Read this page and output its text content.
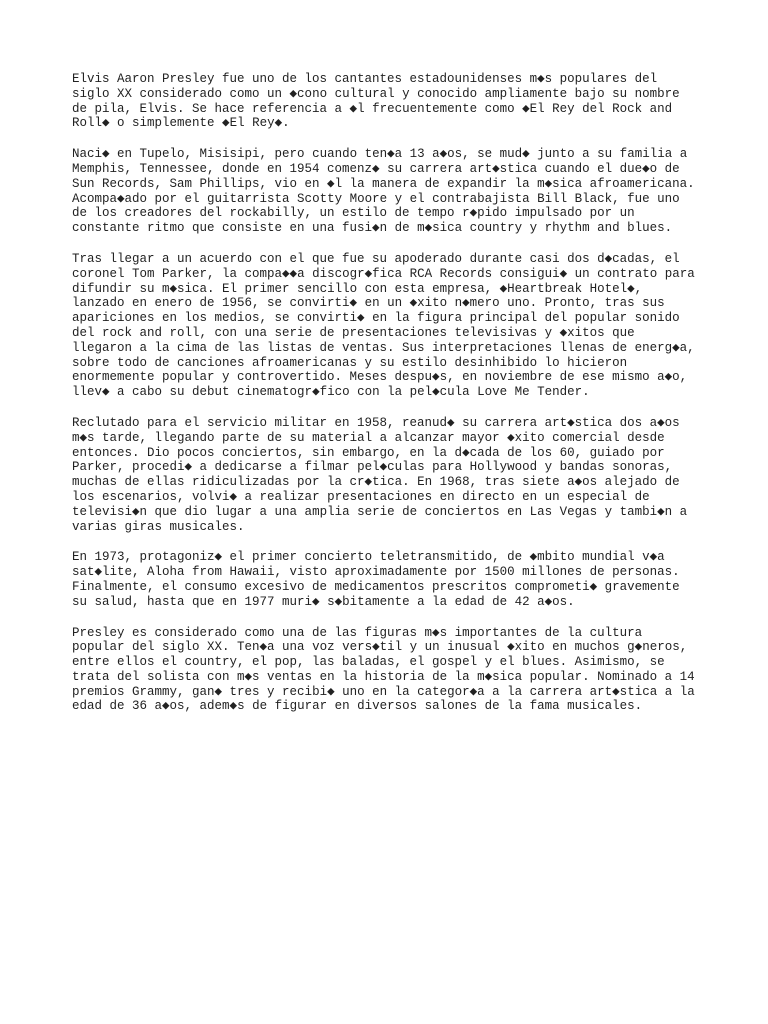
Elvis Aaron Presley fue uno de los cantantes estadounidenses m◆s populares del
siglo XX considerado como un ◆cono cultural y conocido ampliamente bajo su nombre
de pila, Elvis. Se hace referencia a ◆l frecuentemente como ◆El Rey del Rock and
Roll◆ o simplemente ◆El Rey◆.

Naci◆ en Tupelo, Misisipi, pero cuando ten◆a 13 a◆os, se mud◆ junto a su familia a
Memphis, Tennessee, donde en 1954 comenz◆ su carrera art◆stica cuando el due◆o de
Sun Records, Sam Phillips, vio en ◆l la manera de expandir la m◆sica afroamericana.
Acompa◆ado por el guitarrista Scotty Moore y el contrabajista Bill Black, fue uno
de los creadores del rockabilly, un estilo de tempo r◆pido impulsado por un
constante ritmo que consiste en una fusi◆n de m◆sica country y rhythm and blues.

Tras llegar a un acuerdo con el que fue su apoderado durante casi dos d◆cadas, el
coronel Tom Parker, la compa◆◆a discogr◆fica RCA Records consigui◆ un contrato para
difundir su m◆sica. El primer sencillo con esta empresa, ◆Heartbreak Hotel◆,
lanzado en enero de 1956, se convirti◆ en un ◆xito n◆mero uno. Pronto, tras sus
apariciones en los medios, se convirti◆ en la figura principal del popular sonido
del rock and roll, con una serie de presentaciones televisivas y ◆xitos que
llegaron a la cima de las listas de ventas. Sus interpretaciones llenas de energ◆a,
sobre todo de canciones afroamericanas y su estilo desinhibido lo hicieron
enormemente popular y controvertido. Meses despu◆s, en noviembre de ese mismo a◆o,
llev◆ a cabo su debut cinematogr◆fico con la pel◆cula Love Me Tender.

Reclutado para el servicio militar en 1958, reanud◆ su carrera art◆stica dos a◆os
m◆s tarde, llegando parte de su material a alcanzar mayor ◆xito comercial desde
entonces. Dio pocos conciertos, sin embargo, en la d◆cada de los 60, guiado por
Parker, procedi◆ a dedicarse a filmar pel◆culas para Hollywood y bandas sonoras,
muchas de ellas ridiculizadas por la cr◆tica. En 1968, tras siete a◆os alejado de
los escenarios, volvi◆ a realizar presentaciones en directo en un especial de
televisi◆n que dio lugar a una amplia serie de conciertos en Las Vegas y tambi◆n a
varias giras musicales.

En 1973, protagoniz◆ el primer concierto teletransmitido, de ◆mbito mundial v◆a
sat◆lite, Aloha from Hawaii, visto aproximadamente por 1500 millones de personas.
Finalmente, el consumo excesivo de medicamentos prescritos comprometi◆ gravemente
su salud, hasta que en 1977 muri◆ s◆bitamente a la edad de 42 a◆os.

Presley es considerado como una de las figuras m◆s importantes de la cultura
popular del siglo XX. Ten◆a una voz vers◆til y un inusual ◆xito en muchos g◆neros,
entre ellos el country, el pop, las baladas, el gospel y el blues. Asimismo, se
trata del solista con m◆s ventas en la historia de la m◆sica popular. Nominado a 14
premios Grammy, gan◆ tres y recibi◆ uno en la categor◆a a la carrera art◆stica a la
edad de 36 a◆os, adem◆s de figurar en diversos salones de la fama musicales.
